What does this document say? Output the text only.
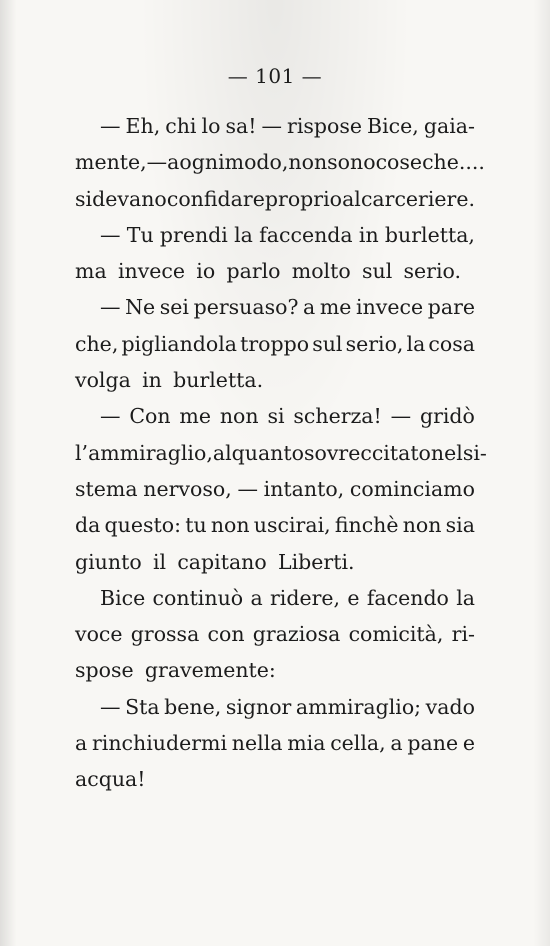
— 101 —
— Eh, chi lo sa! — rispose Bice, gaia-
mente, — a ogni modo, non sono cose che....
si devano confidare proprio al carceriere.
— Tu prendi la faccenda in burletta,
ma invece io parlo molto sul serio.
— Ne sei persuaso? a me invece pare
che, pigliandola troppo sul serio, la cosa
volga in burletta.
— Con me non si scherza! — gridò
l’ammiraglio, alquanto sovreccitato nel si-
stema nervoso, — intanto, cominciamo
da questo: tu non uscirai, finchè non sia
giunto il capitano Liberti.
Bice continuò a ridere, e facendo la
voce grossa con graziosa comicità, ri-
spose gravemente:
— Sta bene, signor ammiraglio; vado
a rinchiudermi nella mia cella, a pane e
acqua!
